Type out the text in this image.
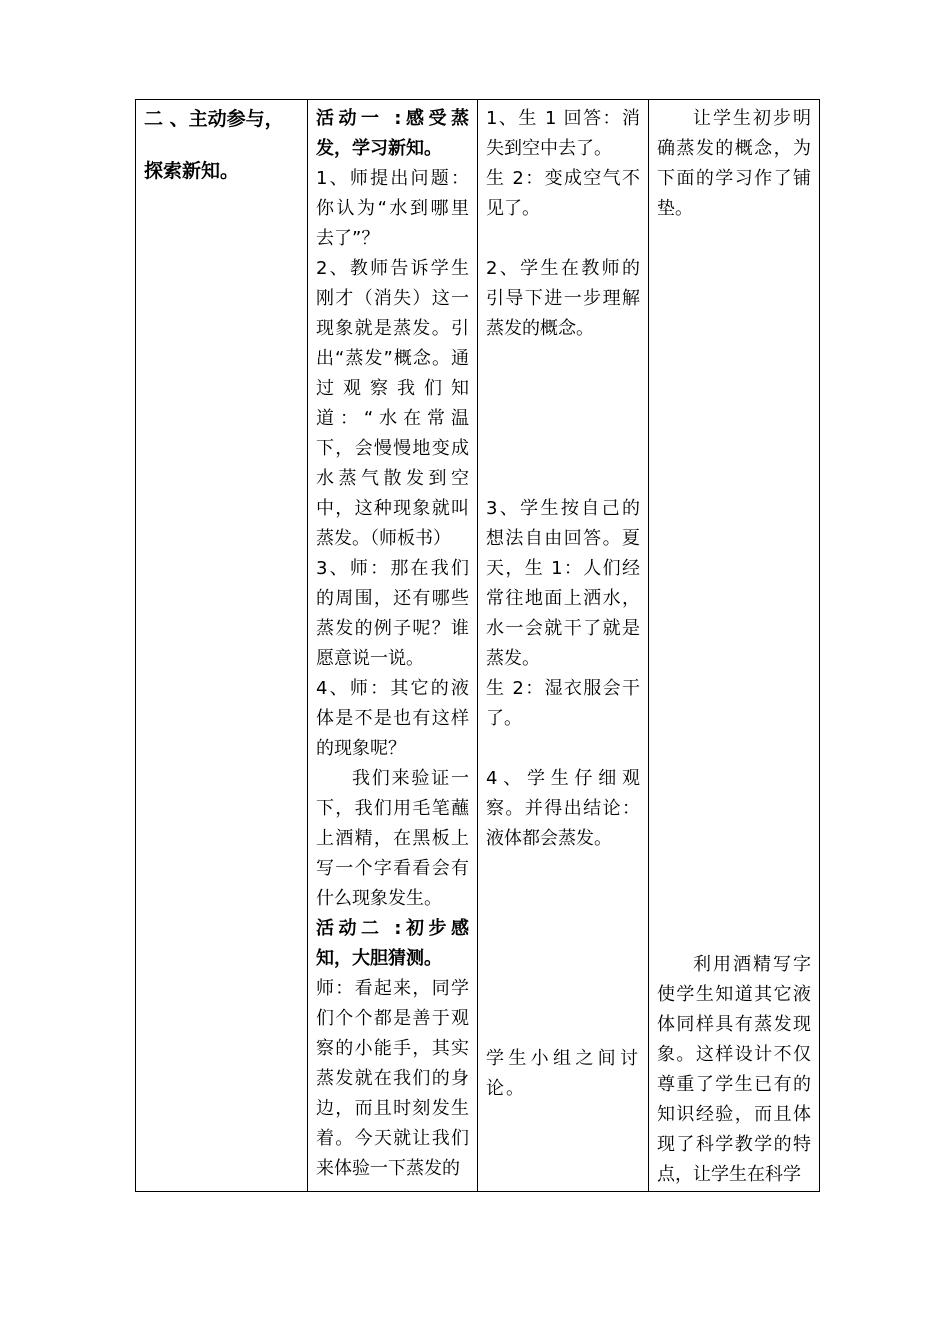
二 、主动参与，
探索新知。

活动一 :感受蒸发，学习新知。

1、师提出问题：你认为“水到哪里去了”？

2、教师告诉学生刚才（消失）这一现象就是蒸发。引出“蒸发”概念。通过观察我们知道：“水在常温下，会慢慢地变成水蒸气散发到空中，这种现象就叫蒸发。（师板书）

3、师：那在我们的周围，还有哪些蒸发的例子呢？谁愿意说一说。

4、师：其它的液体是不是也有这样的现象呢？

我们来验证一下，我们用毛笔蘸上酒精，在黑板上写一个字看看会有什么现象发生。

活动二 :初步感知，大胆猜测。

师：看起来，同学们个个都是善于观察的小能手，其实蒸发就在我们的身边，而且时刻发生着。今天就让我们来体验一下蒸发的

1、生 1 回答：消失到空中去了。

生 2：变成空气不见了。

2、学生在教师的引导下进一步理解蒸发的概念。

3、学生按自己的想法自由回答。夏天，生 1：人们经常往地面上洒水，水一会就干了就是蒸发。

生 2：湿衣服会干了。

4、学生仔细观察。并得出结论：液体都会蒸发。

学生小组之间讨论。

让学生初步明确蒸发的概念，为下面的学习作了铺垫。

利用酒精写字使学生知道其它液体同样具有蒸发现象。这样设计不仅尊重了学生已有的知识经验，而且体现了科学教学的特点，让学生在科学
